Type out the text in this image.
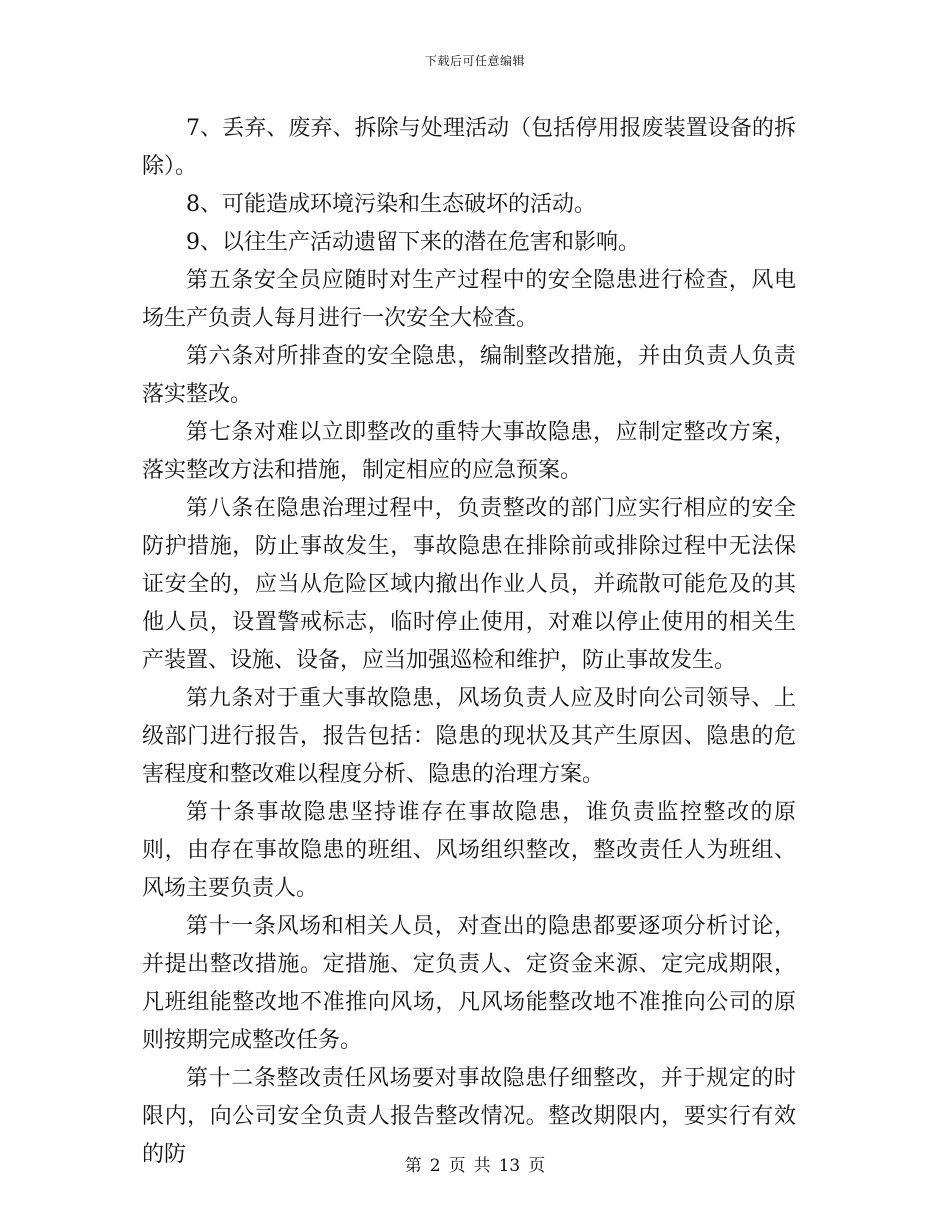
下载后可任意编辑

7、丢弃、废弃、拆除与处理活动（包括停用报废装置设备的拆除）。

8、可能造成环境污染和生态破坏的活动。

9、以往生产活动遗留下来的潜在危害和影响。

第五条安全员应随时对生产过程中的安全隐患进行检查，风电场生产负责人每月进行一次安全大检查。

第六条对所排查的安全隐患，编制整改措施，并由负责人负责落实整改。

第七条对难以立即整改的重特大事故隐患，应制定整改方案，落实整改方法和措施，制定相应的应急预案。

第八条在隐患治理过程中，负责整改的部门应实行相应的安全防护措施，防止事故发生，事故隐患在排除前或排除过程中无法保证安全的，应当从危险区域内撤出作业人员，并疏散可能危及的其他人员，设置警戒标志，临时停止使用，对难以停止使用的相关生产装置、设施、设备，应当加强巡检和维护，防止事故发生。

第九条对于重大事故隐患，风场负责人应及时向公司领导、上级部门进行报告，报告包括：隐患的现状及其产生原因、隐患的危害程度和整改难以程度分析、隐患的治理方案。

第十条事故隐患坚持谁存在事故隐患，谁负责监控整改的原则，由存在事故隐患的班组、风场组织整改，整改责任人为班组、风场主要负责人。

第十一条风场和相关人员，对查出的隐患都要逐项分析讨论，并提出整改措施。定措施、定负责人、定资金来源、定完成期限，凡班组能整改地不准推向风场，凡风场能整改地不准推向公司的原则按期完成整改任务。

第十二条整改责任风场要对事故隐患仔细整改，并于规定的时限内，向公司安全负责人报告整改情况。整改期限内，要实行有效的防	第 2 页 共 13 页
